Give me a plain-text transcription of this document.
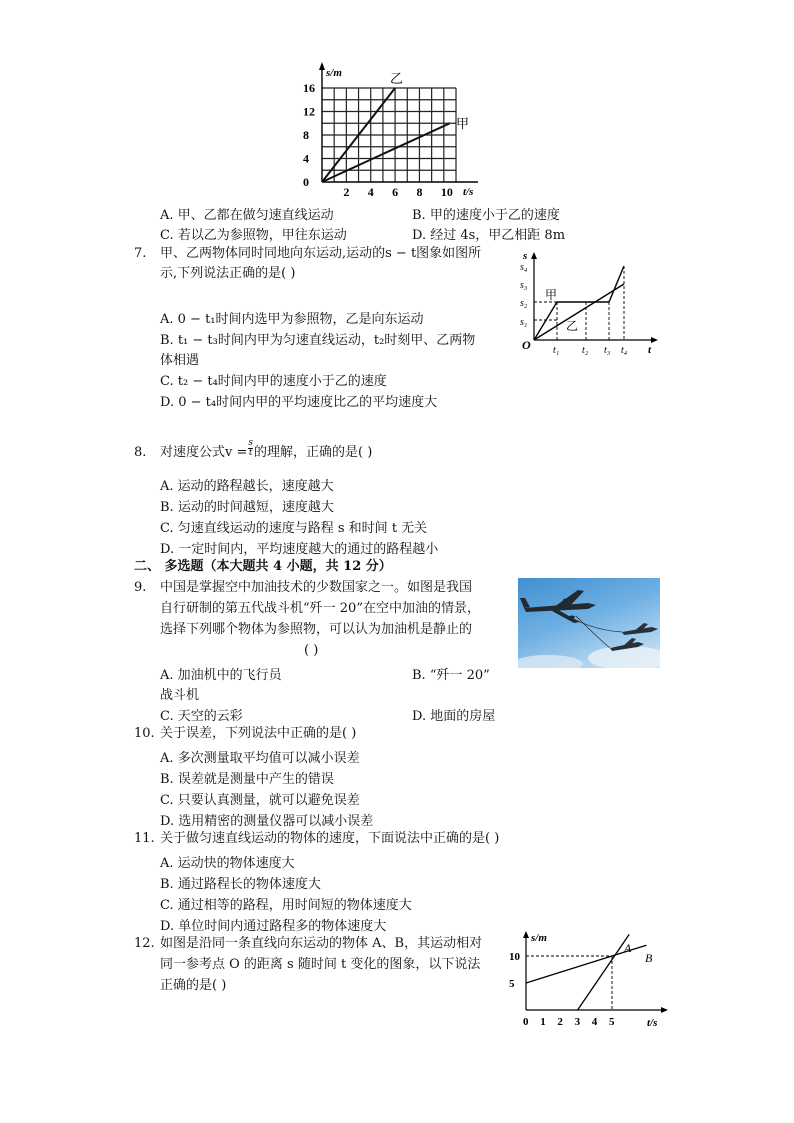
s/m
t/s
16
12
8
4
0
2 4 6 8 10
乙
甲
A. 甲、乙都在做匀速直线运动	B. 甲的速度小于乙的速度
C. 若以乙为参照物，甲往东运动	D. 经过 4s，甲乙相距 8m
7. 甲、乙两物体同时同地向东运动,运动的s − t图象如图所
示,下列说法正确的是( )
A. 0 − t₁时间内选甲为参照物，乙是向东运动
B. t₁ − t₃时间内甲为匀速直线运动，t₂时刻甲、乙两物
体相遇
C. t₂ − t₄时间内甲的速度小于乙的速度
D. 0 − t₄时间内甲的平均速度比乙的平均速度大
s
t
O
s₄
s₃
s₂
s₁
t₁ t₂ t₃ t₄
甲
乙
8. 对速度公式$v = \frac{s}{t}$ 的理解，正确的是( )
A. 运动的路程越长，速度越大
B. 运动的时间越短，速度越大
C. 匀速直线运动的速度与路程 s 和时间 t 无关
D. 一定时间内，平均速度越大的通过的路程越小
二、 多选题（本大题共 4 小题，共 12 分）
9. 中国是掌握空中加油技术的少数国家之一。如图是我国
自行研制的第五代战斗机“歼一 20”在空中加油的情景，
选择下列哪个物体为参照物，可以认为加油机是静止的
( )
A. 加油机中的飞行员	B. “歼一 20”
战斗机
C. 天空的云彩	D. 地面的房屋
10. 关于误差，下列说法中正确的是( )
A. 多次测量取平均值可以减小误差
B. 误差就是测量中产生的错误
C. 只要认真测量，就可以避免误差
D. 选用精密的测量仪器可以减小误差
11. 关于做匀速直线运动的物体的速度，下面说法中正确的是( )
A. 运动快的物体速度大
B. 通过路程长的物体速度大
C. 通过相等的路程，用时间短的物体速度大
D. 单位时间内通过路程多的物体速度大
12. 如图是沿同一条直线向东运动的物体 A、B，其运动相对
同一参考点 O 的距离 s 随时间 t 变化的图象，以下说法
正确的是( )
s/m
t/s
10
5
0 1 2 3 4 5
A
B
